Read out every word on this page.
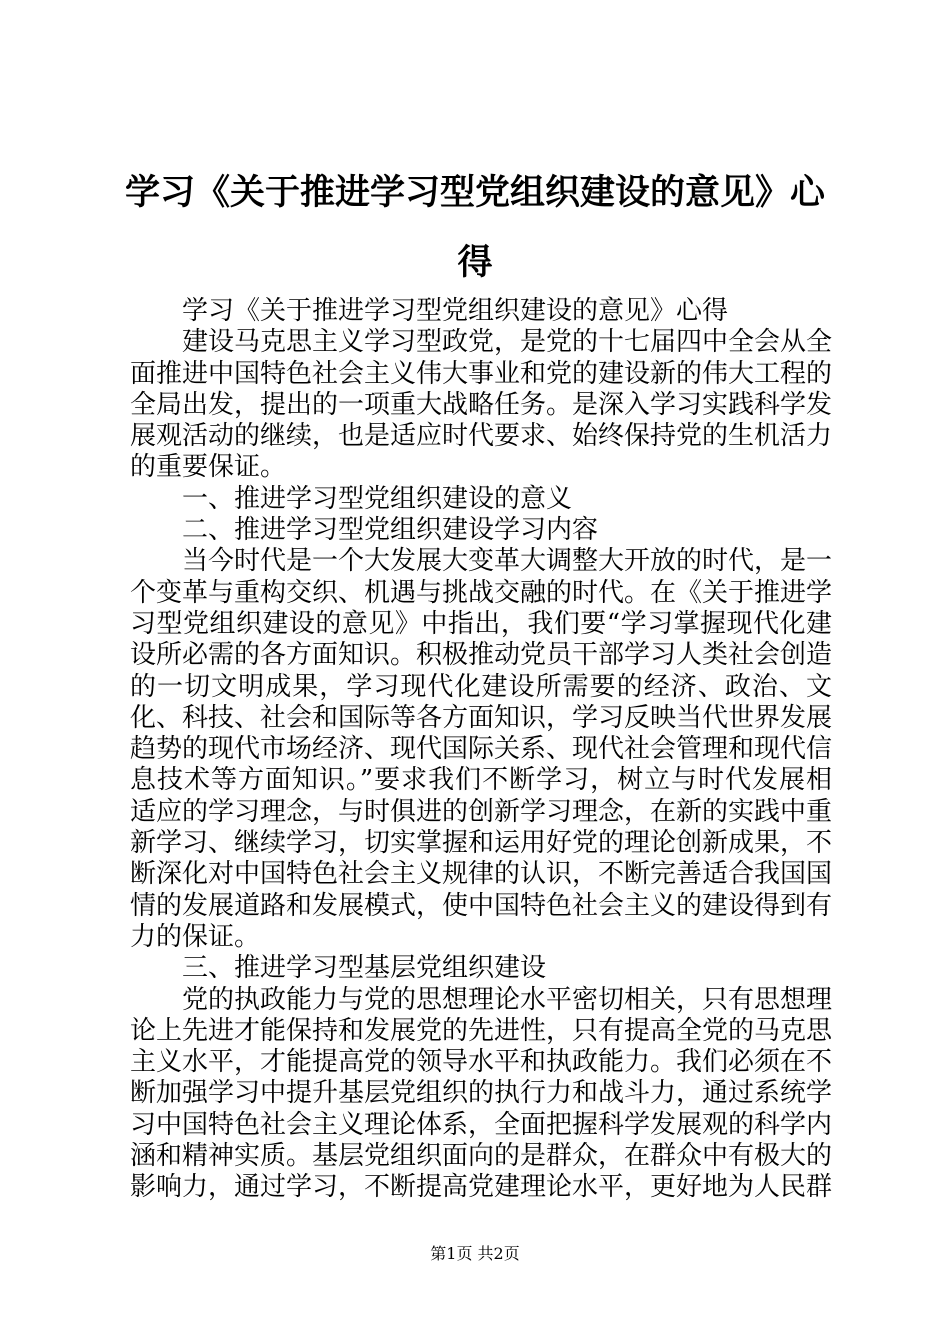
学习《关于推进学习型党组织建设的意见》心得

学习《关于推进学习型党组织建设的意见》心得

建设马克思主义学习型政党，是党的十七届四中全会从全面推进中国特色社会主义伟大事业和党的建设新的伟大工程的全局出发，提出的一项重大战略任务。是深入学习实践科学发展观活动的继续，也是适应时代要求、始终保持党的生机活力的重要保证。

一、推进学习型党组织建设的意义

二、推进学习型党组织建设学习内容

当今时代是一个大发展大变革大调整大开放的时代，是一个变革与重构交织、机遇与挑战交融的时代。在《关于推进学习型党组织建设的意见》中指出，我们要“学习掌握现代化建设所必需的各方面知识。积极推动党员干部学习人类社会创造的一切文明成果，学习现代化建设所需要的经济、政治、文化、科技、社会和国际等各方面知识，学习反映当代世界发展趋势的现代市场经济、现代国际关系、现代社会管理和现代信息技术等方面知识。”要求我们不断学习，树立与时代发展相适应的学习理念，与时俱进的创新学习理念，在新的实践中重新学习、继续学习，切实掌握和运用好党的理论创新成果，不断深化对中国特色社会主义规律的认识，不断完善适合我国国情的发展道路和发展模式，使中国特色社会主义的建设得到有力的保证。

三、推进学习型基层党组织建设

党的执政能力与党的思想理论水平密切相关，只有思想理论上先进才能保持和发展党的先进性，只有提高全党的马克思主义水平，才能提高党的领导水平和执政能力。我们必须在不断加强学习中提升基层党组织的执行力和战斗力，通过系统学习中国特色社会主义理论体系，全面把握科学发展观的科学内涵和精神实质。基层党组织面向的是群众，在群众中有极大的影响力，通过学习，不断提高党建理论水平，更好地为人民群

第1页 共2页
